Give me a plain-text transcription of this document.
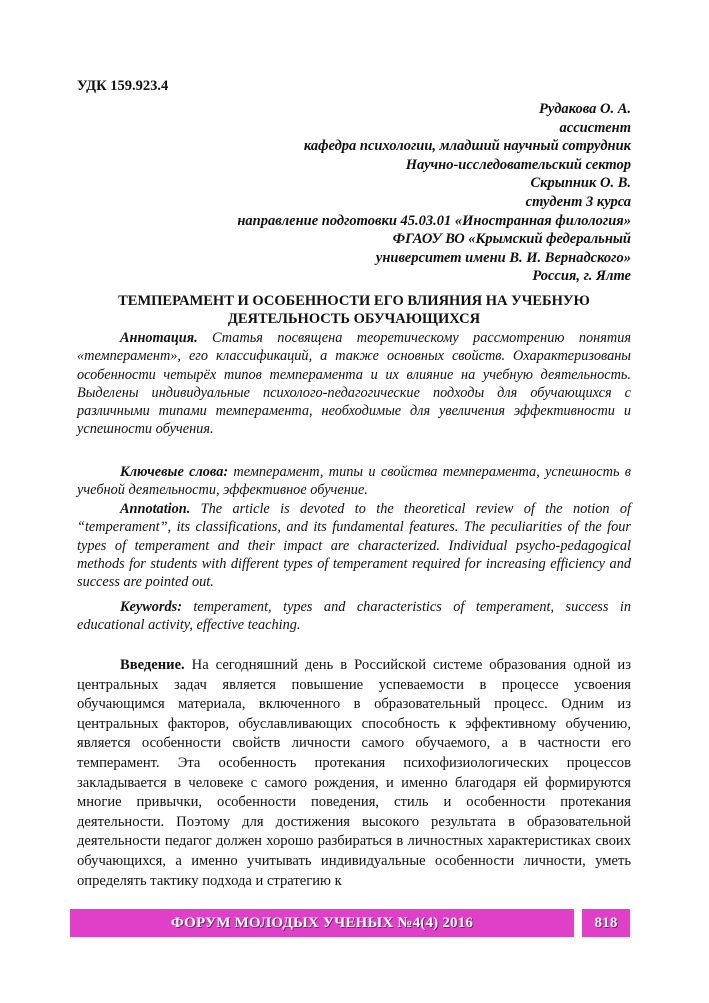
УДК 159.923.4
Рудакова О. А.
ассистент
кафедра психологии, младший научный сотрудник
Научно-исследовательский сектор
Скрыпник О. В.
студент 3 курса
направление подготовки 45.03.01 «Иностранная филология»
ФГАОУ ВО «Крымский федеральный
университет имени В. И. Вернадского»
Россия, г. Ялте
ТЕМПЕРАМЕНТ И ОСОБЕННОСТИ ЕГО ВЛИЯНИЯ НА УЧЕБНУЮ
ДЕЯТЕЛЬНОСТЬ ОБУЧАЮЩИХСЯ
Аннотация. Статья посвящена теоретическому рассмотрению понятия «темперамент», его классификаций, а также основных свойств. Охарактеризованы особенности четырёх типов темперамента и их влияние на учебную деятельность. Выделены индивидуальные психолого-педагогические подходы для обучающихся с различными типами темперамента, необходимые для увеличения эффективности и успешности обучения.
Ключевые слова: темперамент, типы и свойства темперамента, успешность в учебной деятельности, эффективное обучение.
Annotation. The article is devoted to the theoretical review of the notion of “temperament”, its classifications, and its fundamental features. The peculiarities of the four types of temperament and their impact are characterized. Individual psycho-pedagogical methods for students with different types of temperament required for increasing efficiency and success are pointed out.
Keywords: temperament, types and characteristics of temperament, success in educational activity, effective teaching.
Введение. На сегодняшний день в Российской системе образования одной из центральных задач является повышение успеваемости в процессе усвоения обучающимся материала, включенного в образовательный процесс. Одним из центральных факторов, обуславливающих способность к эффективному обучению, является особенности свойств личности самого обучаемого, а в частности его темперамент. Эта особенность протекания психофизиологических процессов закладывается в человеке с самого рождения, и именно благодаря ей формируются многие привычки, особенности поведения, стиль и особенности протекания деятельности. Поэтому для достижения высокого результата в образовательной деятельности педагог должен хорошо разбираться в личностных характеристиках своих обучающихся, а именно учитывать индивидуальные особенности личности, уметь определять тактику подхода и стратегию к
ФОРУМ МОЛОДЫХ УЧЕНЫХ №4(4) 2016	818
